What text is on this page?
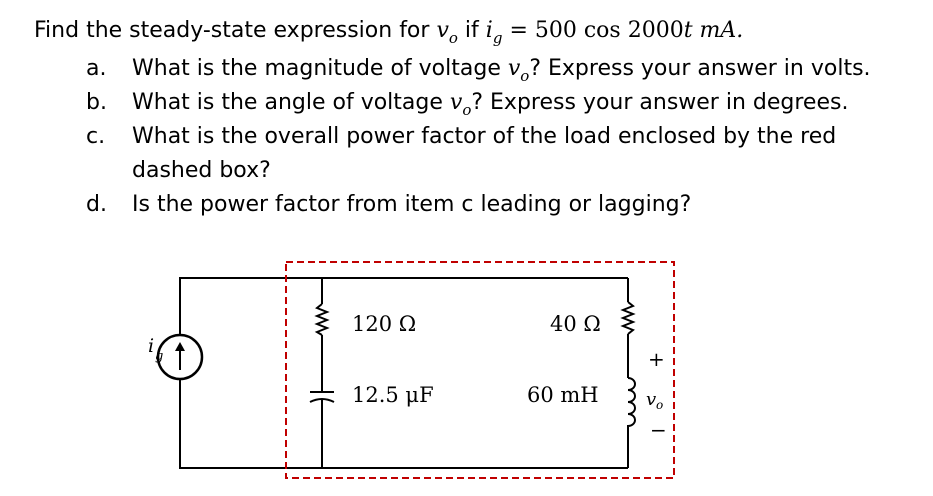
Find the steady-state expression for $v_o$ if $i_g = 500$ cos 2000t mA.
a.	What is the magnitude of voltage $v_o$? Express your answer in volts.
b.	What is the angle of voltage $v_o$? Express your answer in degrees.
c.	What is the overall power factor of the load enclosed by the red
dashed box?
d.	Is the power factor from item c leading or lagging?
120 Ω
12.5 μF
40 Ω
60 mH
i g	+
v o
−
